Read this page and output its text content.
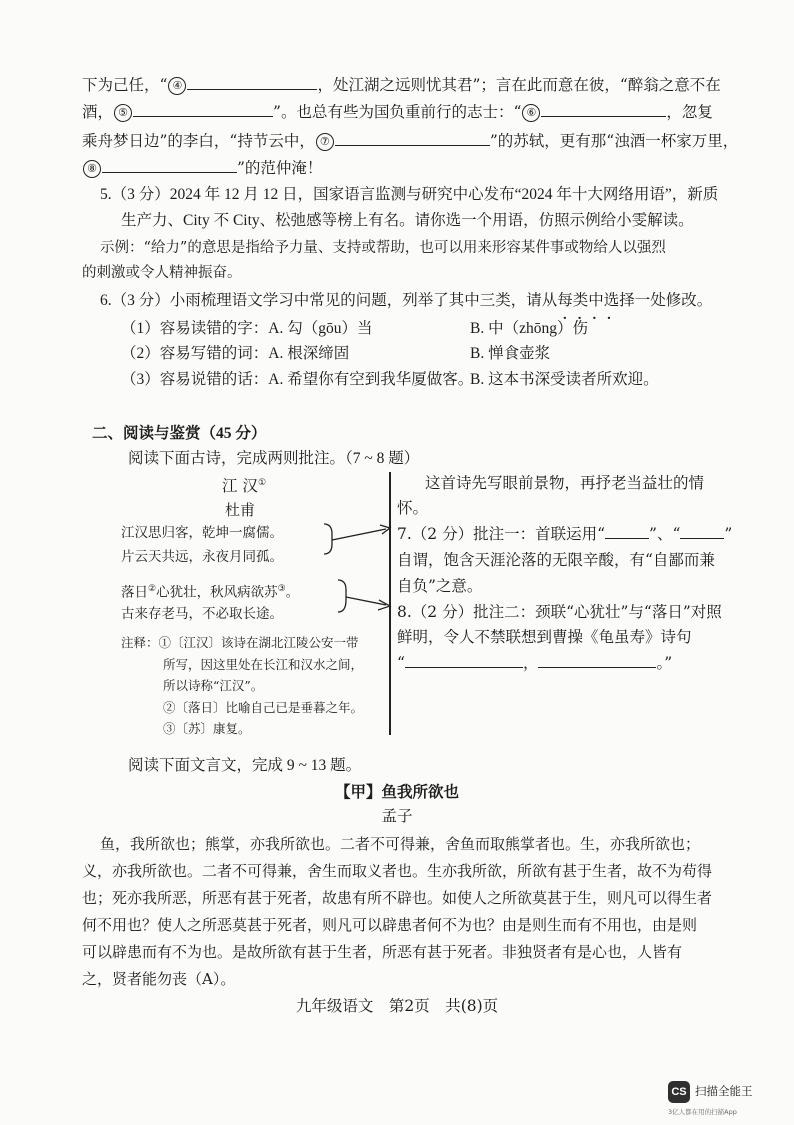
下为己任，“ ④	，处江湖之远则忧其君”；言在此而意在彼，“醉翁之意不在
酒， ⑤	”。也总有些为国负重前行的志士：“ ⑥	，忽复
乘舟梦日边”的李白，“持节云中， ⑦	”的苏轼，更有那“浊酒一杯家万里，
⑧	”的范仲淹！
5.（3 分）2024 年 12 月 12 日，国家语言监测与研究中心发布“2024 年十大网络用语”，新质
生产力、City 不 City、松弛感等榜上有名。请你选一个用语，仿照示例给小雯解读。
示例：“给力”的意思是指给予力量、支持或帮助，也可以用来形容某件事或物给人以强烈
的刺激或令人精神振奋。
6.（3 分）小雨梳理语文学习中常见的问题，列举了其中三类，请从每类中选择一处修改。
····
（1）容易读错的字：A. 勾（gōu）当	B. 中（zhōng）伤
（2）容易写错的词：A. 根深缔固	B. 惮食壶浆
（3）容易说错的话：A. 希望你有空到我华厦做客。
B. 这本书深受读者所欢迎。
二、阅读与鉴赏（45 分）
阅读下面古诗，完成两则批注。（7 ~ 8 题）
江 汉①
杜甫
江汉思归客，乾坤一腐儒。
片云天共远，永夜月同孤。
落日②心犹壮，秋风病欲苏③。
古来存老马，不必取长途。
注释：①〔江汉〕该诗在湖北江陵公安一带
所写，因这里处在长江和汉水之间，
所以诗称“江汉”。
②〔落日〕比喻自己已是垂暮之年。
③〔苏〕康复。
这首诗先写眼前景物，再抒老当益壮的情
怀。
7.（2 分）批注一：首联运用“	”、“	”
自谓，饱含天涯沦落的无限辛酸，有“自鄙而兼
自负”之意。
8.（2 分）批注二：颈联“心犹壮”与“落日”对照
鲜明，令人不禁联想到曹操《龟虽寿》诗句
“	，	。”
阅读下面文言文，完成 9 ~ 13 题。
【甲】鱼我所欲也
孟子
鱼，我所欲也；熊掌，亦我所欲也。二者不可得兼，舍鱼而取熊掌者也。生，亦我所欲也；
义，亦我所欲也。二者不可得兼，舍生而取义者也。生亦我所欲，所欲有甚于生者，故不为苟得
也；死亦我所恶，所恶有甚于死者，故患有所不辟也。如使人之所欲莫甚于生，则凡可以得生者
何不用也？使人之所恶莫甚于死者，则凡可以辟患者何不为也？由是则生而有不用也，由是则
可以辟患而有不为也。是故所欲有甚于生者，所恶有甚于死者。非独贤者有是心也，人皆有
之，贤者能勿丧（A）。
九年级语文　第2页　共(8)页
CS 扫描全能王
3亿人都在用的扫描App
